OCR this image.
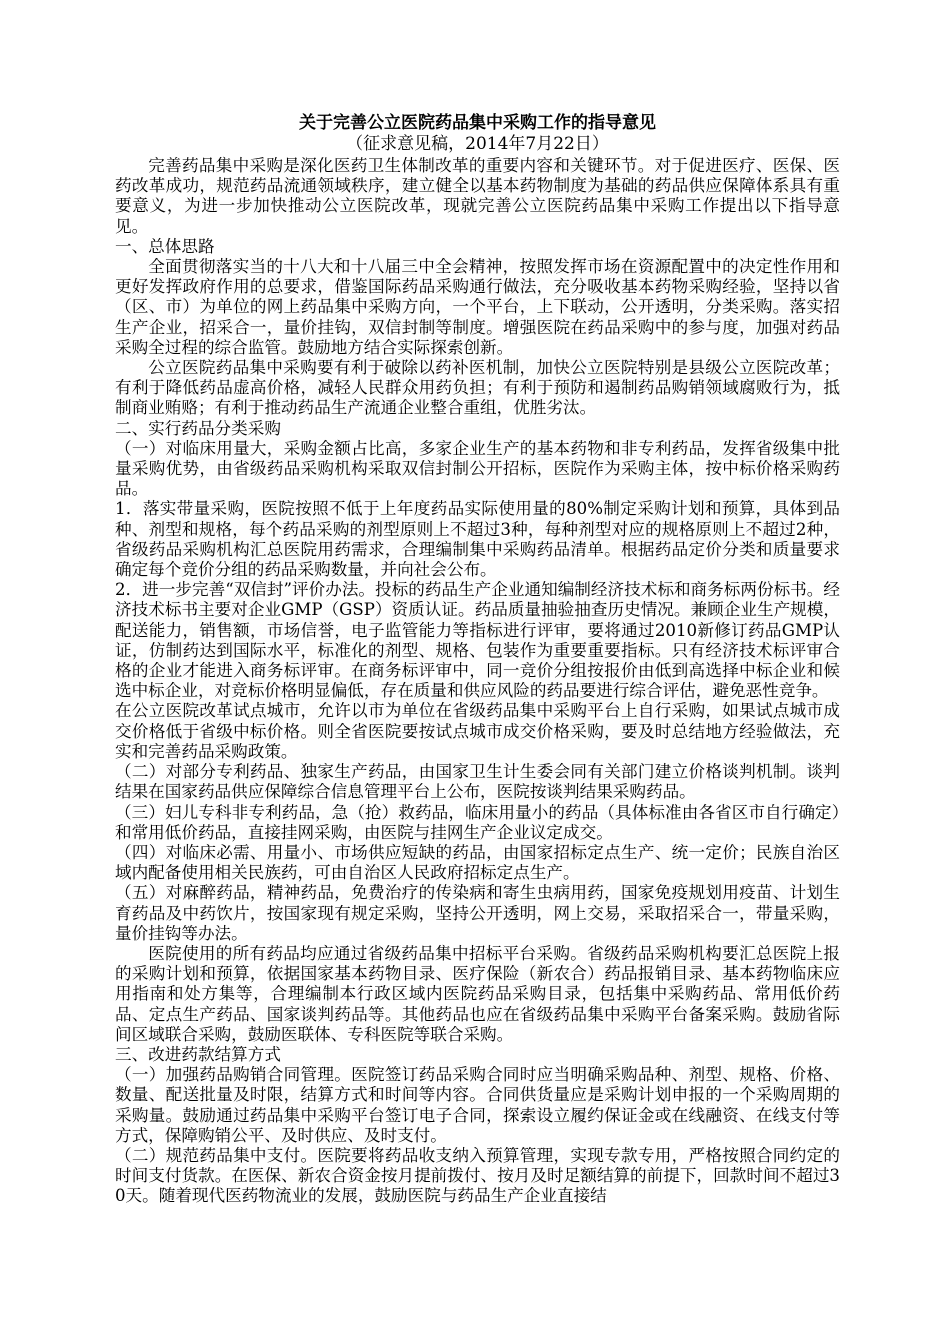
关于完善公立医院药品集中采购工作的指导意见

（征求意见稿，2014年7月22日）

完善药品集中采购是深化医药卫生体制改革的重要内容和关键环节。对于促进医疗、医保、医药改革成功，规范药品流通领域秩序，建立健全以基本药物制度为基础的药品供应保障体系具有重要意义，为进一步加快推动公立医院改革，现就完善公立医院药品集中采购工作提出以下指导意见。

一、总体思路

全面贯彻落实当的十八大和十八届三中全会精神，按照发挥市场在资源配置中的决定性作用和更好发挥政府作用的总要求，借鉴国际药品采购通行做法，充分吸收基本药物采购经验，坚持以省（区、市）为单位的网上药品集中采购方向，一个平台，上下联动，公开透明，分类采购。落实招生产企业，招采合一，量价挂钩，双信封制等制度。增强医院在药品采购中的参与度，加强对药品采购全过程的综合监管。鼓励地方结合实际探索创新。

公立医院药品集中采购要有利于破除以药补医机制，加快公立医院特别是县级公立医院改革；有利于降低药品虚高价格，减轻人民群众用药负担；有利于预防和遏制药品购销领域腐败行为，抵制商业贿赂；有利于推动药品生产流通企业整合重组，优胜劣汰。

二、实行药品分类采购

（一）对临床用量大，采购金额占比高，多家企业生产的基本药物和非专利药品，发挥省级集中批量采购优势，由省级药品采购机构采取双信封制公开招标，医院作为采购主体，按中标价格采购药品。

1．落实带量采购，医院按照不低于上年度药品实际使用量的80%制定采购计划和预算，具体到品种、剂型和规格，每个药品采购的剂型原则上不超过3种，每种剂型对应的规格原则上不超过2种，省级药品采购机构汇总医院用药需求，合理编制集中采购药品清单。根据药品定价分类和质量要求确定每个竞价分组的药品采购数量，并向社会公布。

2．进一步完善“双信封”评价办法。投标的药品生产企业通知编制经济技术标和商务标两份标书。经济技术标书主要对企业GMP（GSP）资质认证。药品质量抽验抽查历史情况。兼顾企业生产规模，配送能力，销售额，市场信誉，电子监管能力等指标进行评审，要将通过2010新修订药品GMP认证，仿制药达到国际水平，标准化的剂型、规格、包装作为重要重要指标。只有经济技术标评审合格的企业才能进入商务标评审。在商务标评审中，同一竞价分组按报价由低到高选择中标企业和候选中标企业，对竞标价格明显偏低，存在质量和供应风险的药品要进行综合评估，避免恶性竞争。

在公立医院改革试点城市，允许以市为单位在省级药品集中采购平台上自行采购，如果试点城市成交价格低于省级中标价格。则全省医院要按试点城市成交价格采购，要及时总结地方经验做法，充实和完善药品采购政策。

（二）对部分专利药品、独家生产药品，由国家卫生计生委会同有关部门建立价格谈判机制。谈判结果在国家药品供应保障综合信息管理平台上公布，医院按谈判结果采购药品。

（三）妇儿专科非专利药品，急（抢）救药品，临床用量小的药品（具体标准由各省区市自行确定）和常用低价药品，直接挂网采购，由医院与挂网生产企业议定成交。

（四）对临床必需、用量小、市场供应短缺的药品，由国家招标定点生产、统一定价；民族自治区域内配备使用相关民族药，可由自治区人民政府招标定点生产。

（五）对麻醉药品，精神药品，免费治疗的传染病和寄生虫病用药，国家免疫规划用疫苗、计划生育药品及中药饮片，按国家现有规定采购，坚持公开透明，网上交易，采取招采合一，带量采购，量价挂钩等办法。

医院使用的所有药品均应通过省级药品集中招标平台采购。省级药品采购机构要汇总医院上报的采购计划和预算，依据国家基本药物目录、医疗保险（新农合）药品报销目录、基本药物临床应用指南和处方集等，合理编制本行政区域内医院药品采购目录，包括集中采购药品、常用低价药品、定点生产药品、国家谈判药品等。其他药品也应在省级药品集中采购平台备案采购。鼓励省际间区域联合采购，鼓励医联体、专科医院等联合采购。

三、改进药款结算方式

（一）加强药品购销合同管理。医院签订药品采购合同时应当明确采购品种、剂型、规格、价格、数量、配送批量及时限，结算方式和时间等内容。合同供货量应是采购计划申报的一个采购周期的采购量。鼓励通过药品集中采购平台签订电子合同，探索设立履约保证金或在线融资、在线支付等方式，保障购销公平、及时供应、及时支付。

（二）规范药品集中支付。医院要将药品收支纳入预算管理，实现专款专用，严格按照合同约定的时间支付货款。在医保、新农合资金按月提前拨付、按月及时足额结算的前提下，回款时间不超过30天。随着现代医药物流业的发展，鼓励医院与药品生产企业直接结
